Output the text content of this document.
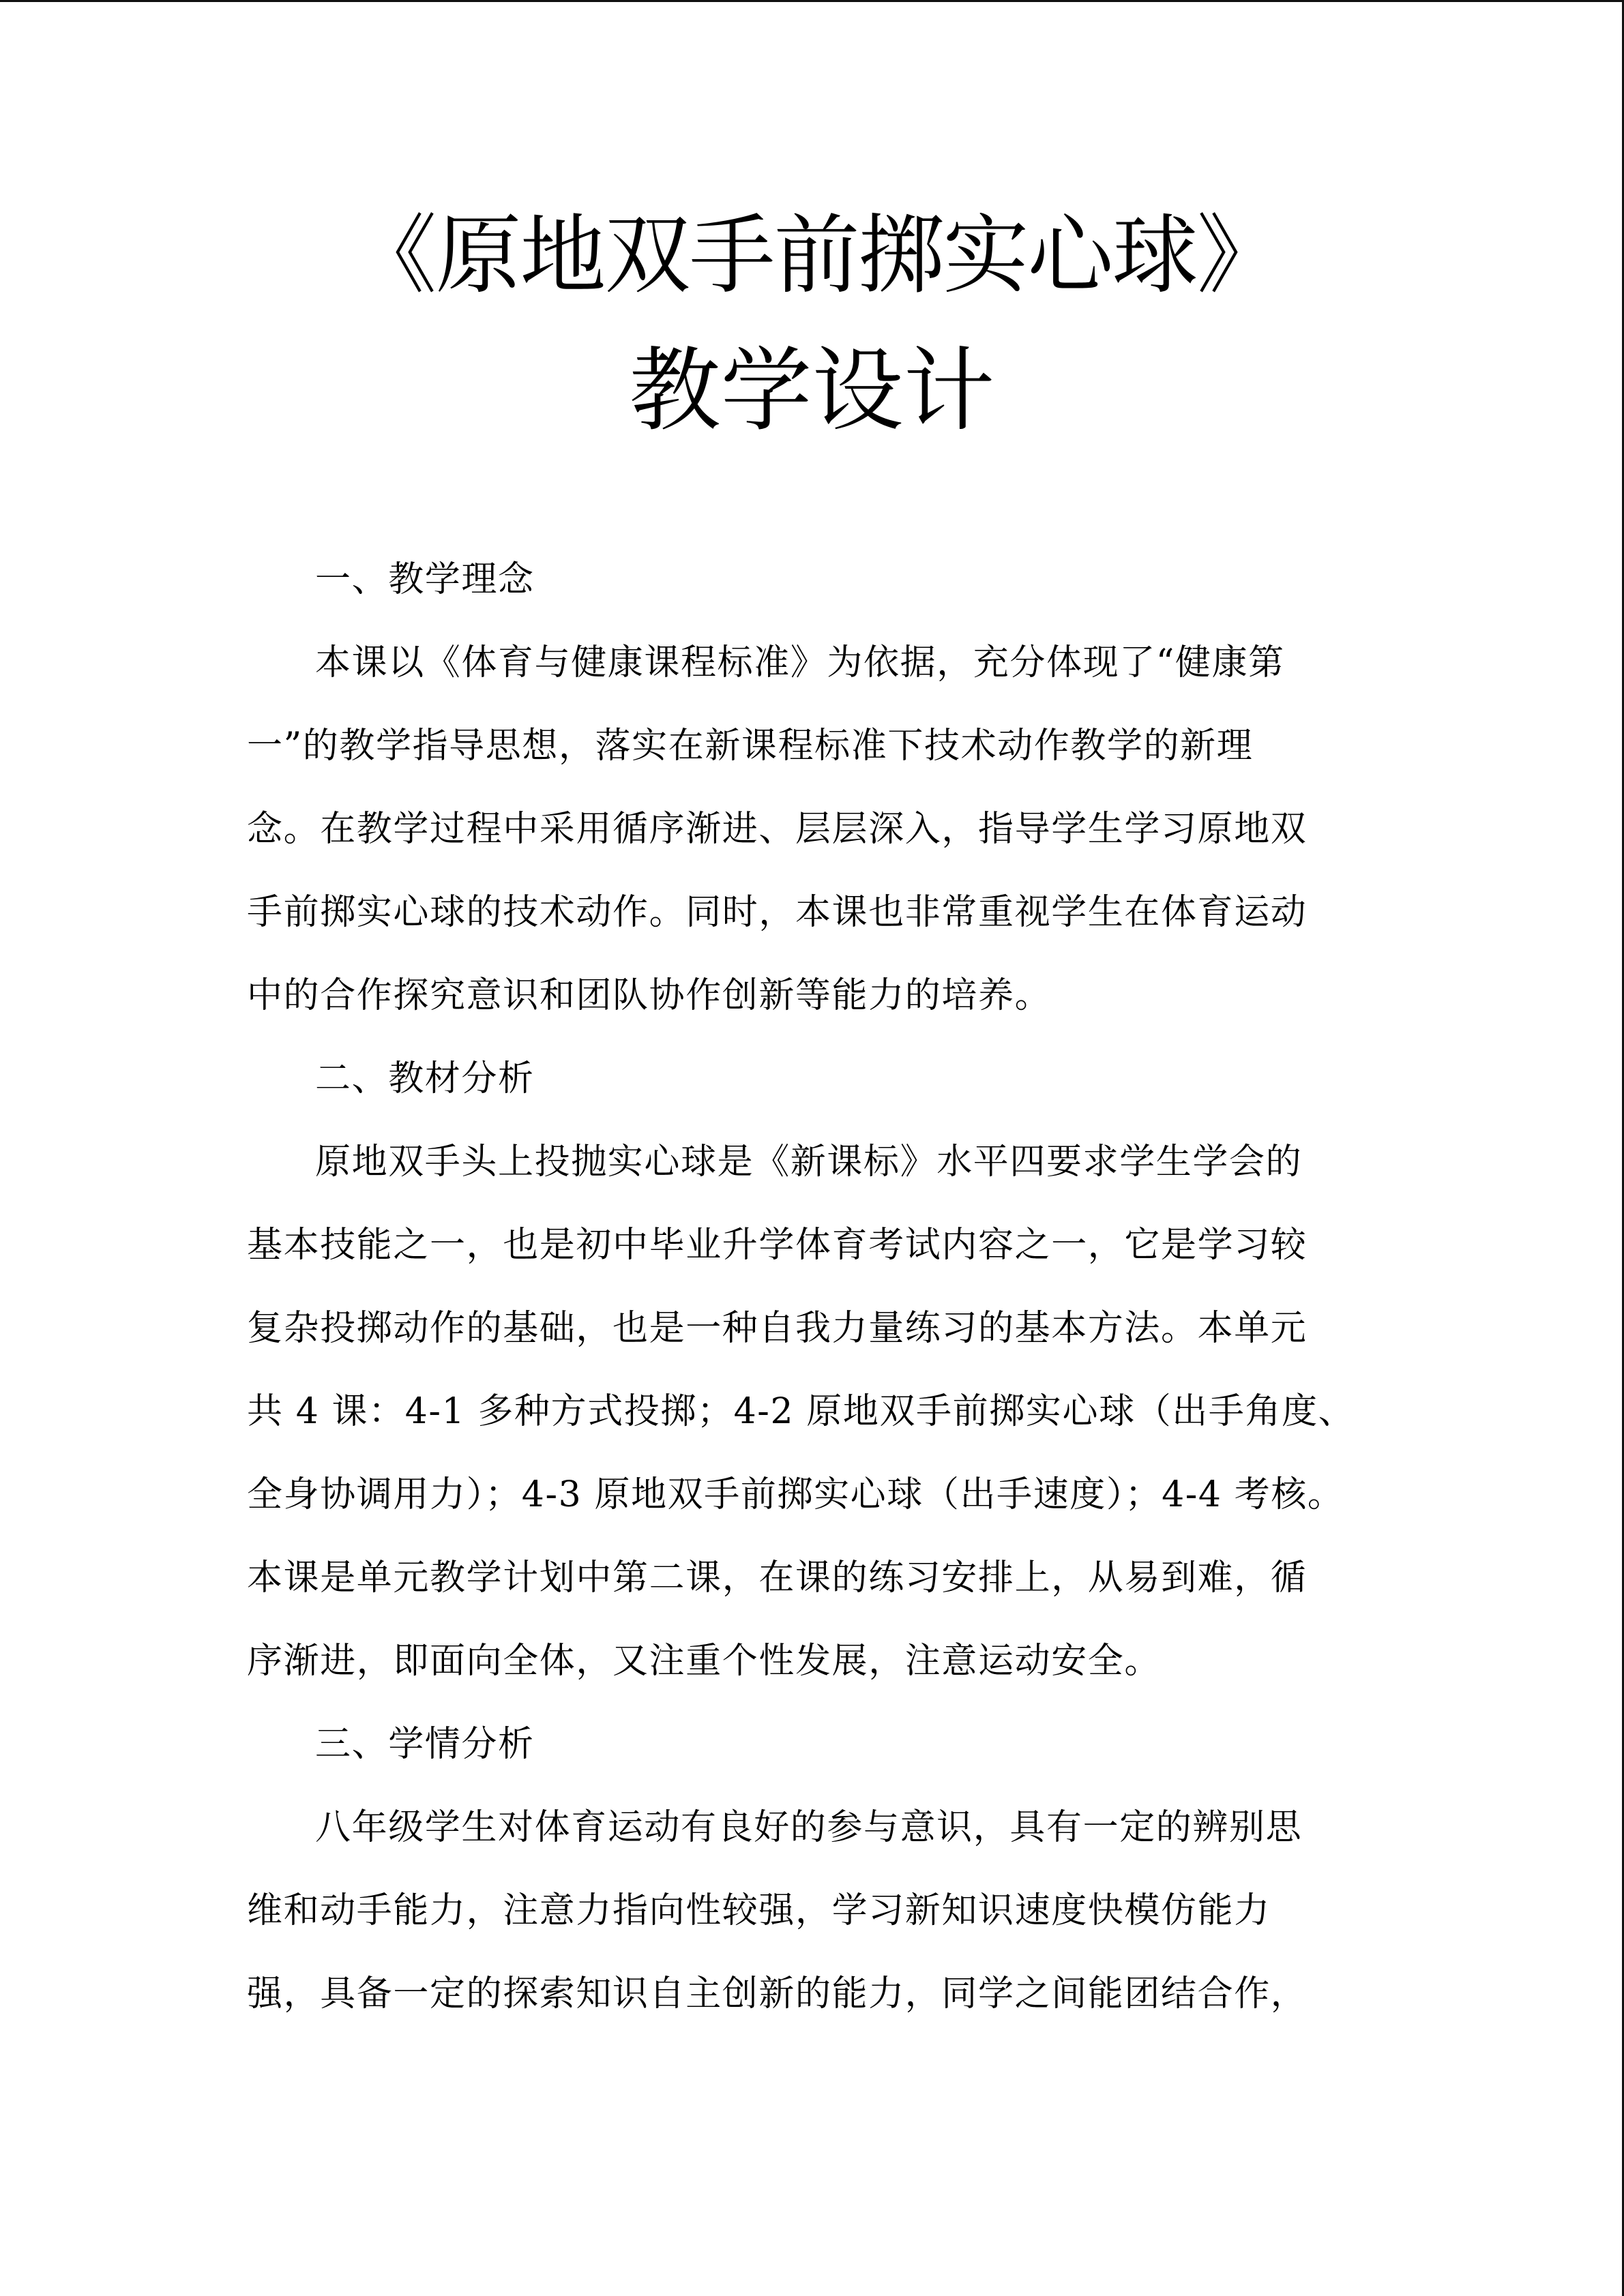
《原地双手前掷实心球》
教学设计
一、教学理念
本课以《体育与健康课程标准》为依据，充分体现了“健康第
一”的教学指导思想，落实在新课程标准下技术动作教学的新理
念。在教学过程中采用循序渐进、层层深入，指导学生学习原地双
手前掷实心球的技术动作。同时，本课也非常重视学生在体育运动
中的合作探究意识和团队协作创新等能力的培养。
二、教材分析
原地双手头上投抛实心球是《新课标》水平四要求学生学会的
基本技能之一，也是初中毕业升学体育考试内容之一，它是学习较
复杂投掷动作的基础，也是一种自我力量练习的基本方法。本单元
共 4 课：4-1 多种方式投掷；4-2 原地双手前掷实心球（出手角度、
全身协调用力）；4-3 原地双手前掷实心球（出手速度）；4-4 考核。
本课是单元教学计划中第二课，在课的练习安排上，从易到难，循
序渐进，即面向全体，又注重个性发展，注意运动安全。
三、学情分析
八年级学生对体育运动有良好的参与意识，具有一定的辨别思
维和动手能力，注意力指向性较强，学习新知识速度快模仿能力
强，具备一定的探索知识自主创新的能力，同学之间能团结合作，
